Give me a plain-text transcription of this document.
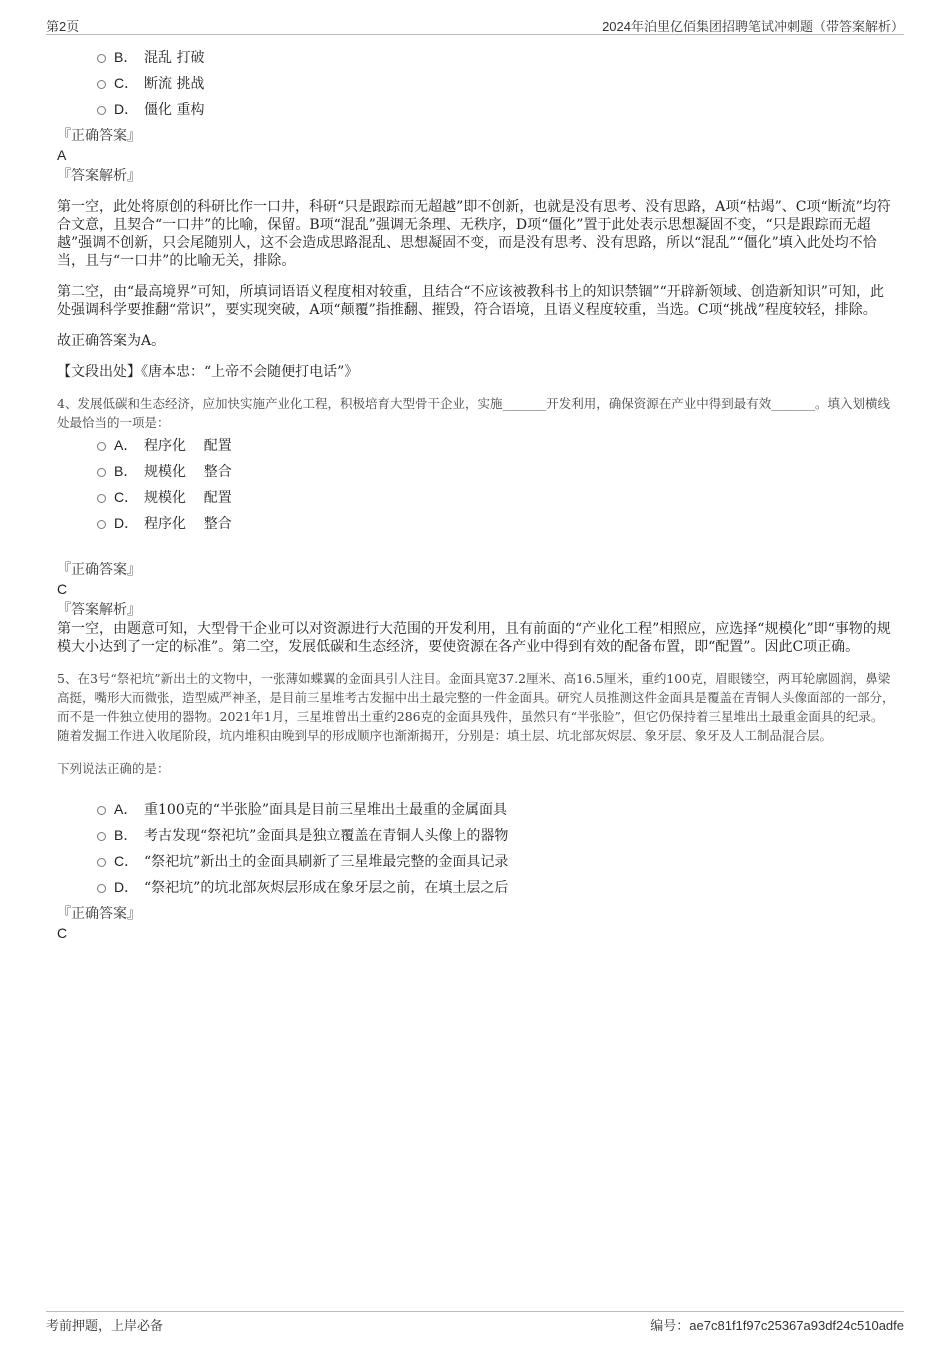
第2页	2024年泊里亿佰集团招聘笔试冲刺题（带答案解析）
B． 混乱 打破
C． 断流 挑战
D． 僵化 重构
『正确答案』
A
『答案解析』

第一空，此处将原创的科研比作一口井，科研“只是跟踪而无超越”即不创新，也就是没有思考、没有思路，A项“枯竭”、C项“断流”均符合文意，且契合“一口井”的比喻，保留。B项“混乱”强调无条理、无秩序，D项“僵化”置于此处表示思想凝固不变，“只是跟踪而无超越”强调不创新，只会尾随别人，这不会造成思路混乱、思想凝固不变，而是没有思考、没有思路，所以“混乱”“僵化”填入此处均不恰当，且与“一口井”的比喻无关，排除。

第二空，由“最高境界”可知，所填词语语义程度相对较重，且结合“不应该被教科书上的知识禁锢”“开辟新领域、创造新知识”可知，此处强调科学要推翻“常识”，要实现突破，A项“颠覆”指推翻、摧毁，符合语境，且语义程度较重，当选。C项“挑战”程度较轻，排除。

故正确答案为A。

【文段出处】《唐本忠：“上帝不会随便打电话”》

4、发展低碳和生态经济，应加快实施产业化工程，积极培育大型骨干企业，实施_______开发利用，确保资源在产业中得到最有效_______。填入划横线处最恰当的一项是：

A． 程序化    配置
B． 规模化    整合
C． 规模化    配置
D． 程序化    整合
『正确答案』
C
『答案解析』

第一空，由题意可知，大型骨干企业可以对资源进行大范围的开发利用，且有前面的“产业化工程”相照应，应选择“规模化”即“事物的规模大小达到了一定的标准”。第二空，发展低碳和生态经济，要使资源在各产业中得到有效的配备布置，即“配置”。因此C项正确。

5、在3号“祭祀坑”新出土的文物中，一张薄如蝶翼的金面具引人注目。金面具宽37.2厘米、高16.5厘米，重约100克，眉眼镂空，两耳轮廓圆润，鼻梁高挺，嘴形大而微张，造型威严神圣，是目前三星堆考古发掘中出土最完整的一件金面具。研究人员推测这件金面具是覆盖在青铜人头像面部的一部分，而不是一件独立使用的器物。2021年1月，三星堆曾出土重约286克的金面具残件，虽然只有“半张脸”，但它仍保持着三星堆出土最重金面具的纪录。随着发掘工作进入收尾阶段，坑内堆积由晚到早的形成顺序也渐渐揭开，分别是：填土层、坑北部灰烬层、象牙层、象牙及人工制品混合层。

下列说法正确的是：

A． 重100克的“半张脸”面具是目前三星堆出土最重的金属面具
B． 考古发现“祭祀坑”金面具是独立覆盖在青铜人头像上的器物
C． “祭祀坑”新出土的金面具刷新了三星堆最完整的金面具记录
D． “祭祀坑”的坑北部灰烬层形成在象牙层之前，在填土层之后
『正确答案』
C
考前押题，上岸必备	编号：ae7c81f1f97c25367a93df24c510adfe
